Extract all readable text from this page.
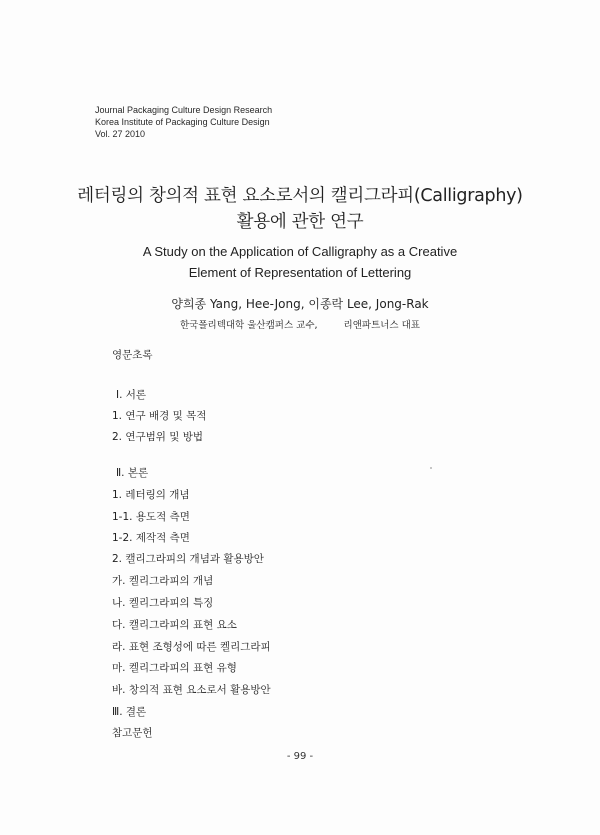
Journal Packaging Culture Design Research
Korea Institute of Packaging Culture Design
Vol. 27 2010
레터링의 창의적 표현 요소로서의 캘리그라피(Calligraphy)
활용에 관한 연구
A Study on the Application of Calligraphy as a Creative
Element of Representation of Lettering
양희종 Yang, Hee-Jong, 이종락 Lee, Jong-Rak
한국폴리텍대학 울산캠퍼스 교수,	리앤파트너스 대표
영문초록
Ⅰ. 서론
1. 연구 배경 및 목적
2. 연구범위 및 방법
Ⅱ. 본론
1. 레터링의 개념
1-1. 용도적 측면
1-2. 제작적 측면
2. 캘리그라피의 개념과 활용방안
가. 켈리그라피의 개념
나. 켈리그라피의 특징
다. 캘리그라피의 표현 요소
라. 표현 조형성에 따른 켈리그라피
마. 켈리그라피의 표현 유형
바. 창의적 표현 요소로서 활용방안
Ⅲ. 결론
참고문헌
- 99 -
